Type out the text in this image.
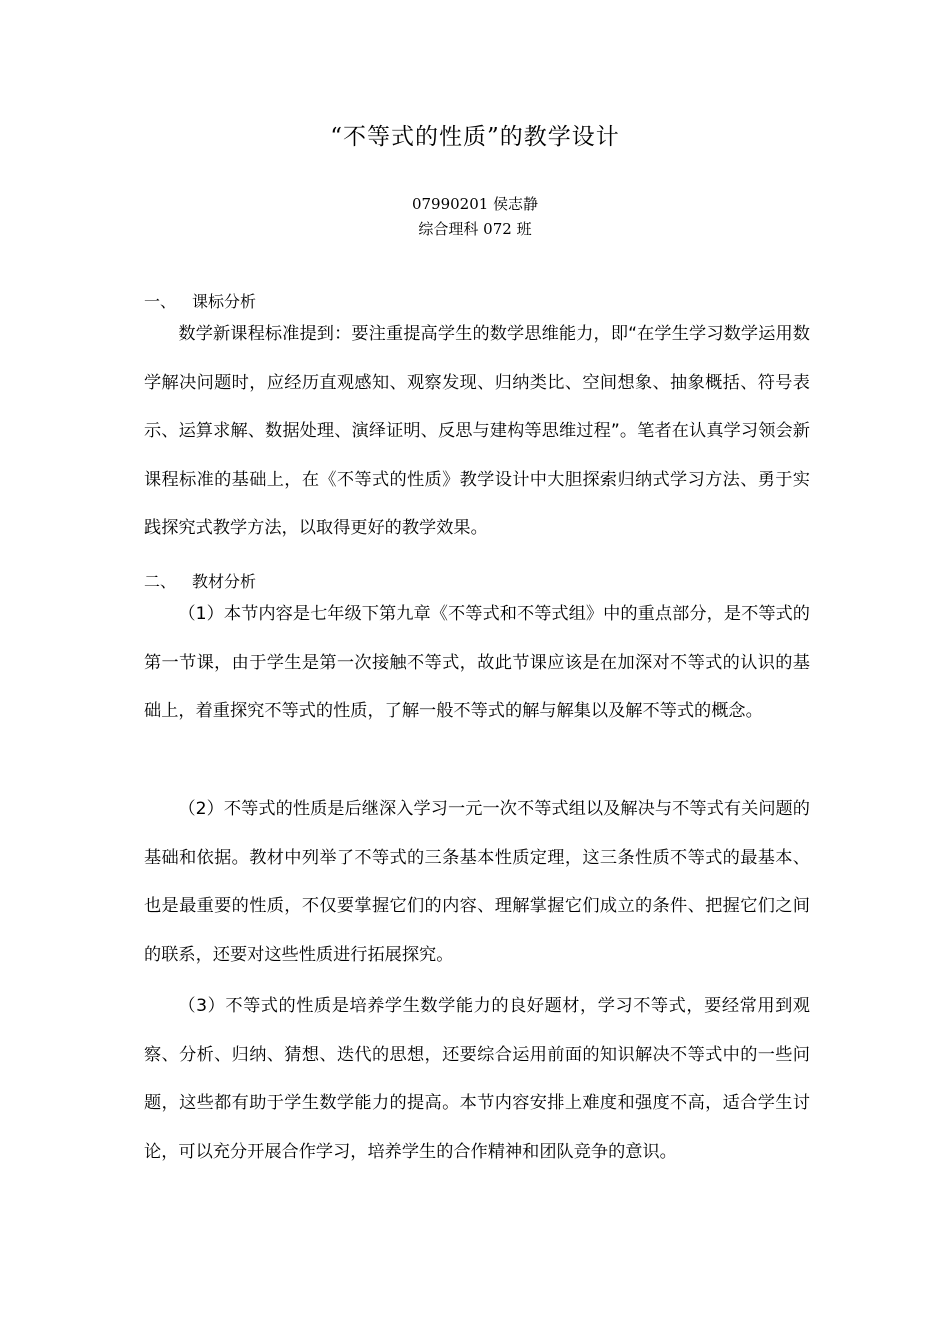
“不等式的性质”的教学设计
07990201 侯志静
综合理科 072 班
一、 课标分析

数学新课程标准提到：要注重提高学生的数学思维能力，即“在学生学习数学运用数学解决问题时，应经历直观感知、观察发现、归纳类比、空间想象、抽象概括、符号表示、运算求解、数据处理、演绎证明、反思与建构等思维过程”。笔者在认真学习领会新课程标准的基础上，在《不等式的性质》教学设计中大胆探索归纳式学习方法、勇于实践探究式教学方法，以取得更好的教学效果。

二、 教材分析

（1）本节内容是七年级下第九章《不等式和不等式组》中的重点部分，是不等式的第一节课，由于学生是第一次接触不等式，故此节课应该是在加深对不等式的认识的基础上，着重探究不等式的性质，了解一般不等式的解与解集以及解不等式的概念。

（2）不等式的性质是后继深入学习一元一次不等式组以及解决与不等式有关问题的基础和依据。教材中列举了不等式的三条基本性质定理，这三条性质不等式的最基本、也是最重要的性质，不仅要掌握它们的内容、理解掌握它们成立的条件、把握它们之间的联系，还要对这些性质进行拓展探究。

（3）不等式的性质是培养学生数学能力的良好题材，学习不等式，要经常用到观察、分析、归纳、猜想、迭代的思想，还要综合运用前面的知识解决不等式中的一些问题，这些都有助于学生数学能力的提高。本节内容安排上难度和强度不高，适合学生讨论，可以充分开展合作学习，培养学生的合作精神和团队竞争的意识。
